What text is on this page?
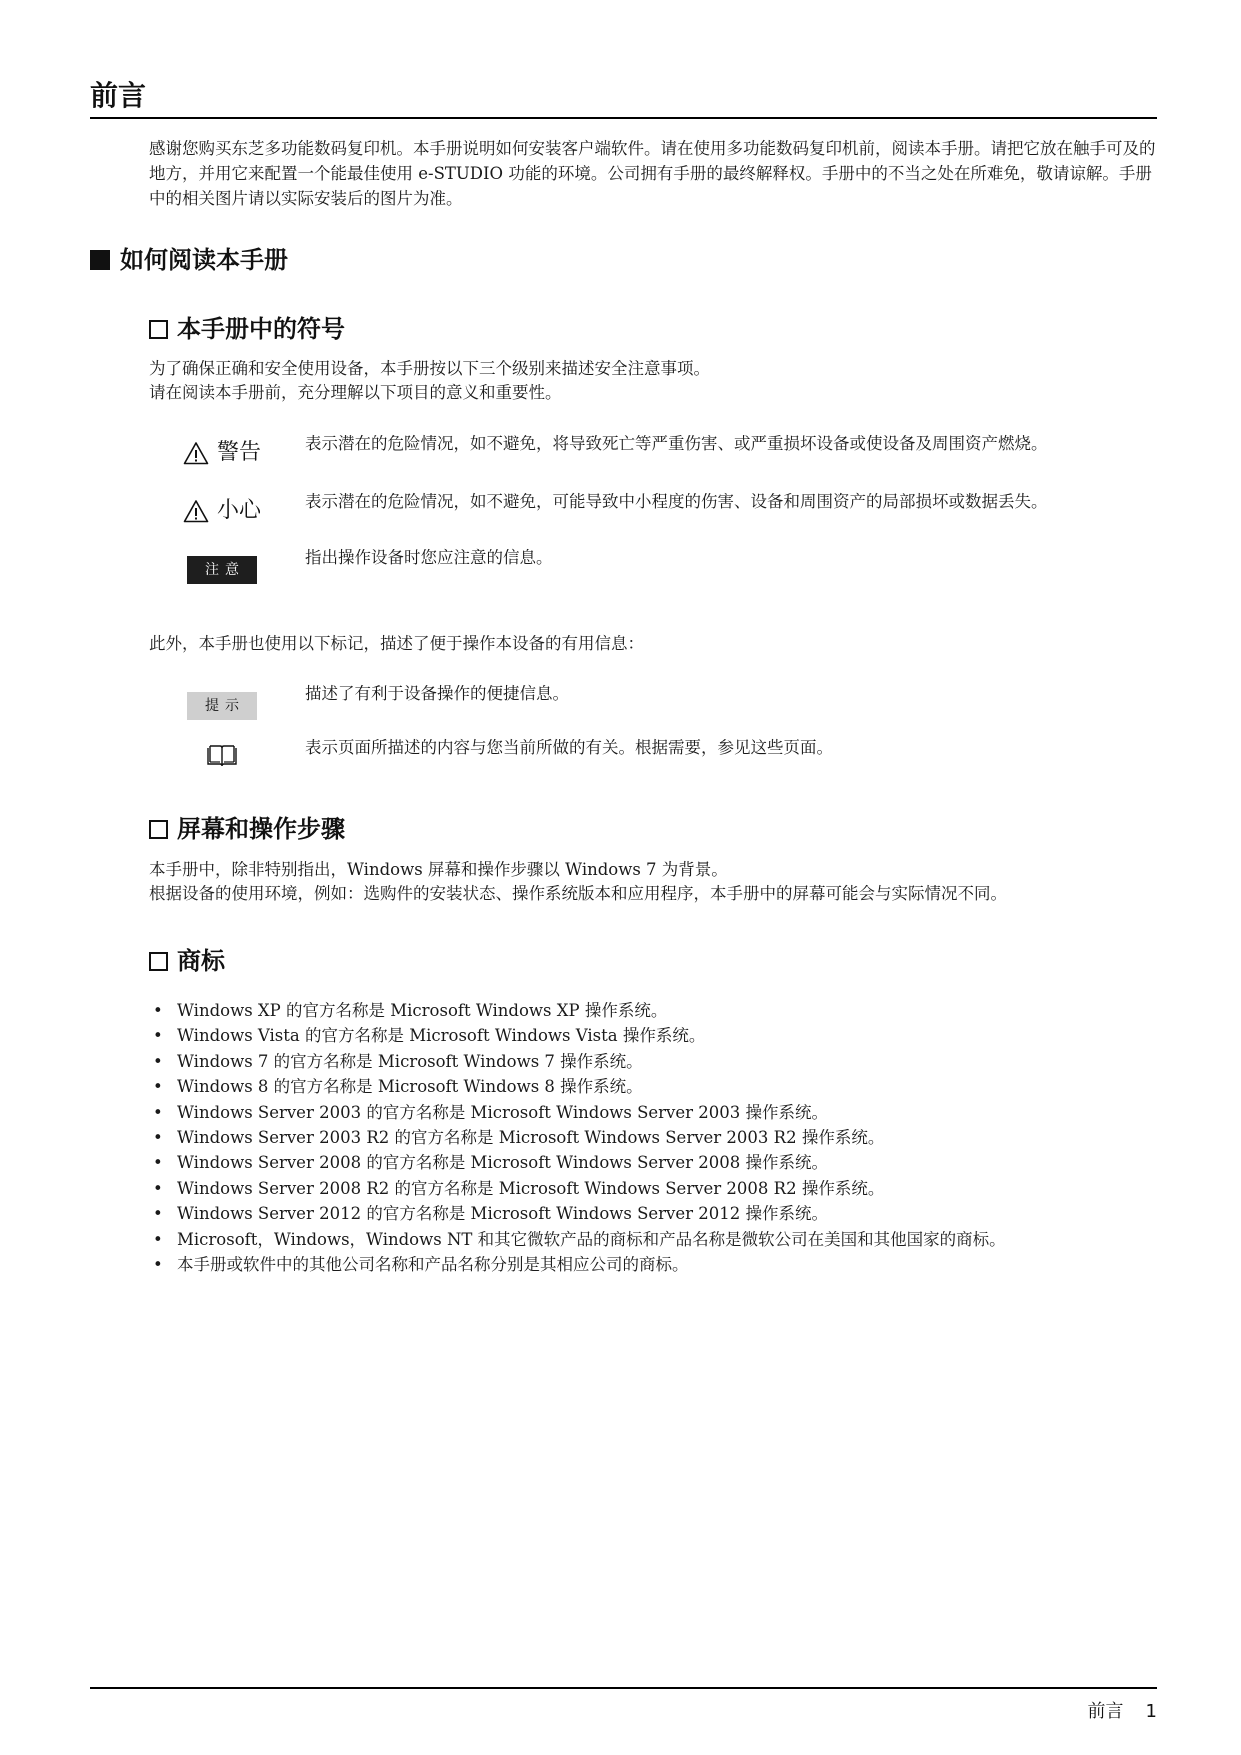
前言

感谢您购买东芝多功能数码复印机。本手册说明如何安装客户端软件。请在使用多功能数码复印机前，阅读本手册。请把它放在触手可及的地方，并用它来配置一个能最佳使用 e-STUDIO 功能的环境。公司拥有手册的最终解释权。手册中的不当之处在所难免，敬请谅解。手册中的相关图片请以实际安装后的图片为准。

如何阅读本手册
本手册中的符号

为了确保正确和安全使用设备，本手册按以下三个级别来描述安全注意事项。
请在阅读本手册前，充分理解以下项目的意义和重要性。

警告	表示潜在的危险情况，如不避免，将导致死亡等严重伤害、或严重损坏设备或使设备及周围资产燃烧。

小心	表示潜在的危险情况，如不避免，可能导致中小程度的伤害、设备和周围资产的局部损坏或数据丢失。

注意

指出操作设备时您应注意的信息。

此外，本手册也使用以下标记，描述了便于操作本设备的有用信息：

提示

描述了有利于设备操作的便捷信息。

表示页面所描述的内容与您当前所做的有关。根据需要，参见这些页面。

屏幕和操作步骤

本手册中，除非特别指出，Windows 屏幕和操作步骤以 Windows 7 为背景。
根据设备的使用环境，例如：选购件的安装状态、操作系统版本和应用程序，本手册中的屏幕可能会与实际情况不同。

商标
• Windows XP 的官方名称是 Microsoft Windows XP 操作系统。
• Windows Vista 的官方名称是 Microsoft Windows Vista 操作系统。
• Windows 7 的官方名称是 Microsoft Windows 7 操作系统。
• Windows 8 的官方名称是 Microsoft Windows 8 操作系统。
• Windows Server 2003 的官方名称是 Microsoft Windows Server 2003 操作系统。
• Windows Server 2003 R2 的官方名称是 Microsoft Windows Server 2003 R2 操作系统。
• Windows Server 2008 的官方名称是 Microsoft Windows Server 2008 操作系统。
• Windows Server 2008 R2 的官方名称是 Microsoft Windows Server 2008 R2 操作系统。
• Windows Server 2012 的官方名称是 Microsoft Windows Server 2012 操作系统。
• Microsoft，Windows，Windows NT 和其它微软产品的商标和产品名称是微软公司在美国和其他国家的商标。
• 本手册或软件中的其他公司名称和产品名称分别是其相应公司的商标。

前言 1
